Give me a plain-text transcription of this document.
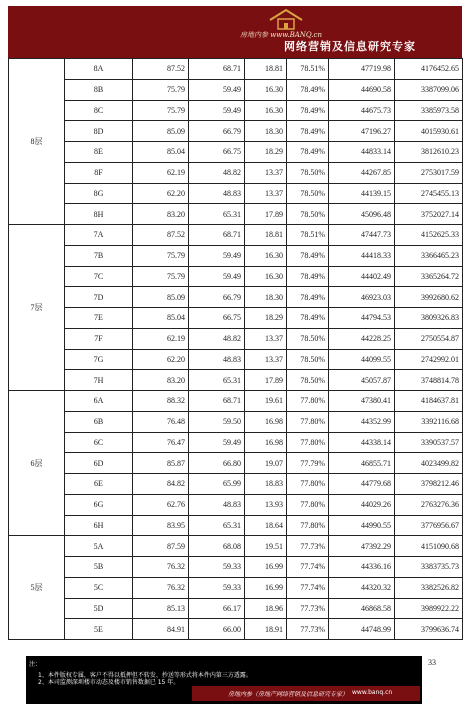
房地内参 www.BANQ.cn
网络营销及信息研究专家
8层	8A	87.52	68.71	18.81	78.51%	47719.98	4176452.65
	8B	75.79	59.49	16.30	78.49%	44690.58	3387099.06
	8C	75.79	59.49	16.30	78.49%	44675.73	3385973.58
	8D	85.09	66.79	18.30	78.49%	47196.27	4015930.61
	8E	85.04	66.75	18.29	78.49%	44833.14	3812610.23
	8F	62.19	48.82	13.37	78.50%	44267.85	2753017.59
	8G	62.20	48.83	13.37	78.50%	44139.15	2745455.13
	8H	83.20	65.31	17.89	78.50%	45096.48	3752027.14
7层	7A	87.52	68.71	18.81	78.51%	47447.73	4152625.33
	7B	75.79	59.49	16.30	78.49%	44418.33	3366465.23
	7C	75.79	59.49	16.30	78.49%	44402.49	3365264.72
	7D	85.09	66.79	18.30	78.49%	46923.03	3992680.62
	7E	85.04	66.75	18.29	78.49%	44794.53	3809326.83
	7F	62.19	48.82	13.37	78.50%	44228.25	2750554.87
	7G	62.20	48.83	13.37	78.50%	44099.55	2742992.01
	7H	83.20	65.31	17.89	78.50%	45057.87	3748814.78
6层	6A	88.32	68.71	19.61	77.80%	47380.41	4184637.81
	6B	76.48	59.50	16.98	77.80%	44352.99	3392116.68
	6C	76.47	59.49	16.98	77.80%	44338.14	3390537.57
	6D	85.87	66.80	19.07	77.79%	46855.71	4023499.82
	6E	84.82	65.99	18.83	77.80%	44779.68	3798212.46
	6G	62.76	48.83	13.93	77.80%	44029.26	2763276.36
	6H	83.95	65.31	18.64	77.80%	44990.55	3776956.67
5层	5A	87.59	68.08	19.51	77.73%	47392.29	4151090.68
	5B	76.32	59.33	16.99	77.74%	44336.16	3383735.73
	5C	76.32	59.33	16.99	77.74%	44320.32	3382526.82
	5D	85.13	66.17	18.96	77.73%	46868.58	3989922.22
	5E	84.91	66.00	18.91	77.73%	44748.99	3799636.74
注：
1、本件版权专属，客户不得以抵押但不转发、抄送等形式将本件内第三方透露。
2、本司监测深圳楼市动态及楼市销售数据已 15 年。
房地内参（房地产网络营销及信息研究专家） www.banq.cn
33
